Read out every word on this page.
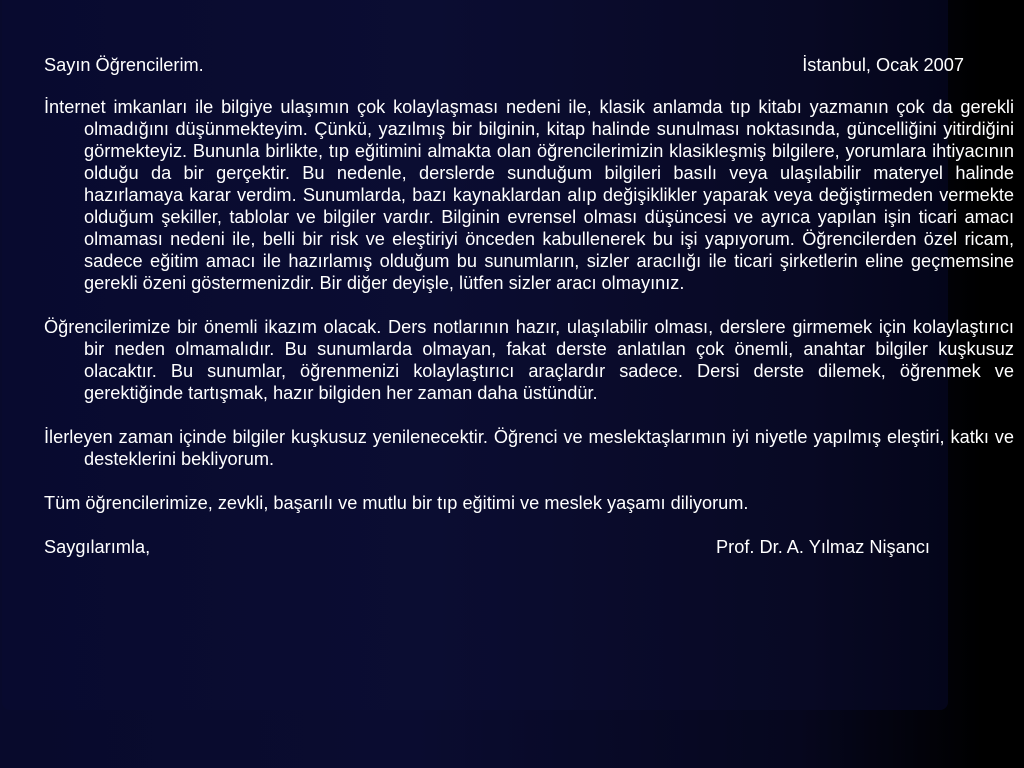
Sayın Öğrencilerim.	İstanbul, Ocak 2007

İnternet imkanları ile bilgiye ulaşımın çok kolaylaşması nedeni ile, klasik anlamda tıp kitabı yazmanın çok da gerekli olmadığını düşünmekteyim. Çünkü, yazılmış bir bilginin, kitap halinde sunulması noktasında, güncelliğini yitirdiğini görmekteyiz. Bununla birlikte, tıp eğitimini almakta olan öğrencilerimizin klasikleşmiş bilgilere, yorumlara ihtiyacının olduğu da bir gerçektir. Bu nedenle, derslerde sunduğum bilgileri basılı veya ulaşılabilir materyel halinde hazırlamaya karar verdim. Sunumlarda, bazı kaynaklardan alıp değişiklikler yaparak veya değiştirmeden vermekte olduğum şekiller, tablolar ve bilgiler vardır. Bilginin evrensel olması düşüncesi ve ayrıca yapılan işin ticari amacı olmaması nedeni ile, belli bir risk ve eleştiriyi önceden kabullenerek bu işi yapıyorum. Öğrencilerden özel ricam, sadece eğitim amacı ile hazırlamış olduğum bu sunumların, sizler aracılığı ile ticari şirketlerin eline geçmemsine gerekli özeni göstermenizdir. Bir diğer deyişle, lütfen sizler aracı olmayınız.

Öğrencilerimize bir önemli ikazım olacak. Ders notlarının hazır, ulaşılabilir olması, derslere girmemek için kolaylaştırıcı bir neden olmamalıdır. Bu sunumlarda olmayan, fakat derste anlatılan çok önemli, anahtar bilgiler kuşkusuz olacaktır. Bu sunumlar, öğrenmenizi kolaylaştırıcı araçlardır sadece. Dersi derste dilemek, öğrenmek ve gerektiğinde tartışmak, hazır bilgiden her zaman daha üstündür.

İlerleyen zaman içinde bilgiler kuşkusuz yenilenecektir. Öğrenci ve meslektaşlarımın iyi niyetle yapılmış eleştiri, katkı ve desteklerini bekliyorum.

Tüm öğrencilerimize, zevkli, başarılı ve mutlu bir tıp eğitimi ve meslek yaşamı diliyorum.

Saygılarımla,	Prof. Dr. A. Yılmaz Nişancı
